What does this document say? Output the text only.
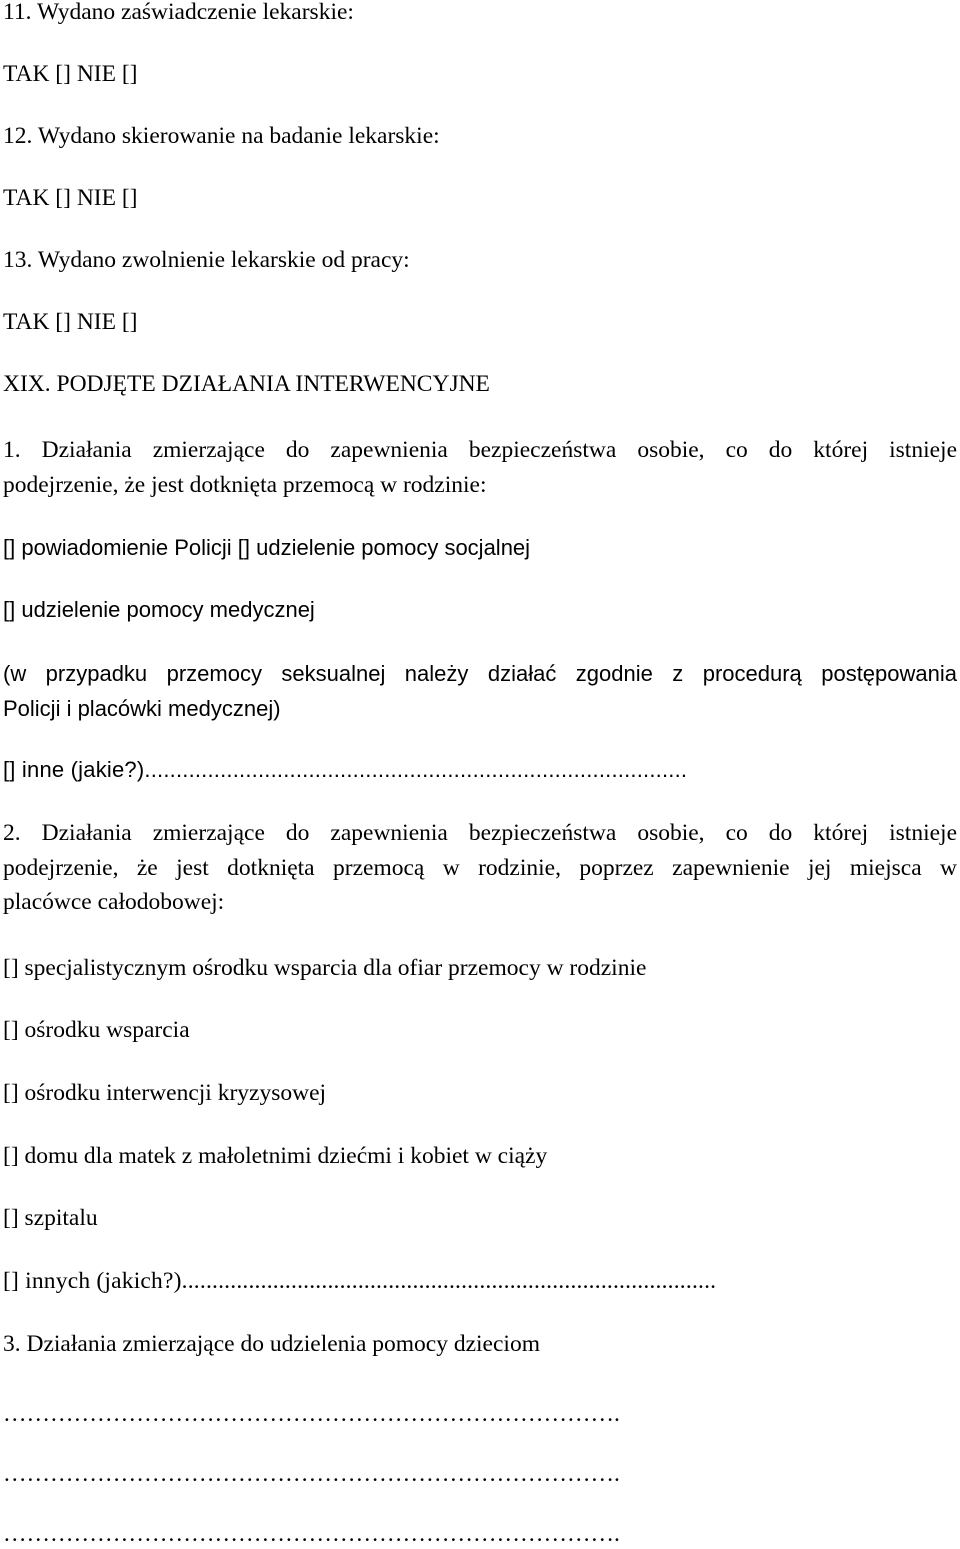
11. Wydano zaświadczenie lekarskie:
TAK [] NIE []
12. Wydano skierowanie na badanie lekarskie:
TAK [] NIE []
13. Wydano zwolnienie lekarskie od pracy:
TAK [] NIE []
XIX. PODJĘTE DZIAŁANIA INTERWENCYJNE
1. Działania zmierzające do zapewnienia bezpieczeństwa osobie, co do której istnieje
podejrzenie, że jest dotknięta przemocą w rodzinie:
[] powiadomienie Policji [] udzielenie pomocy socjalnej
[] udzielenie pomocy medycznej
(w przypadku przemocy seksualnej należy działać zgodnie z procedurą postępowania
Policji i placówki medycznej)
[] inne (jakie?)......................................................................................
2. Działania zmierzające do zapewnienia bezpieczeństwa osobie, co do której istnieje
podejrzenie, że jest dotknięta przemocą w rodzinie, poprzez zapewnienie jej miejsca w
placówce całodobowej:
[] specjalistycznym ośrodku wsparcia dla ofiar przemocy w rodzinie
[] ośrodku wsparcia
[] ośrodku interwencji kryzysowej
[] domu dla matek z małoletnimi dziećmi i kobiet w ciąży
[] szpitalu
[] innych (jakich?)........................................................................................
3. Działania zmierzające do udzielenia pomocy dzieciom
…………………………………………………………………….
…………………………………………………………………….
…………………………………………………………………….
